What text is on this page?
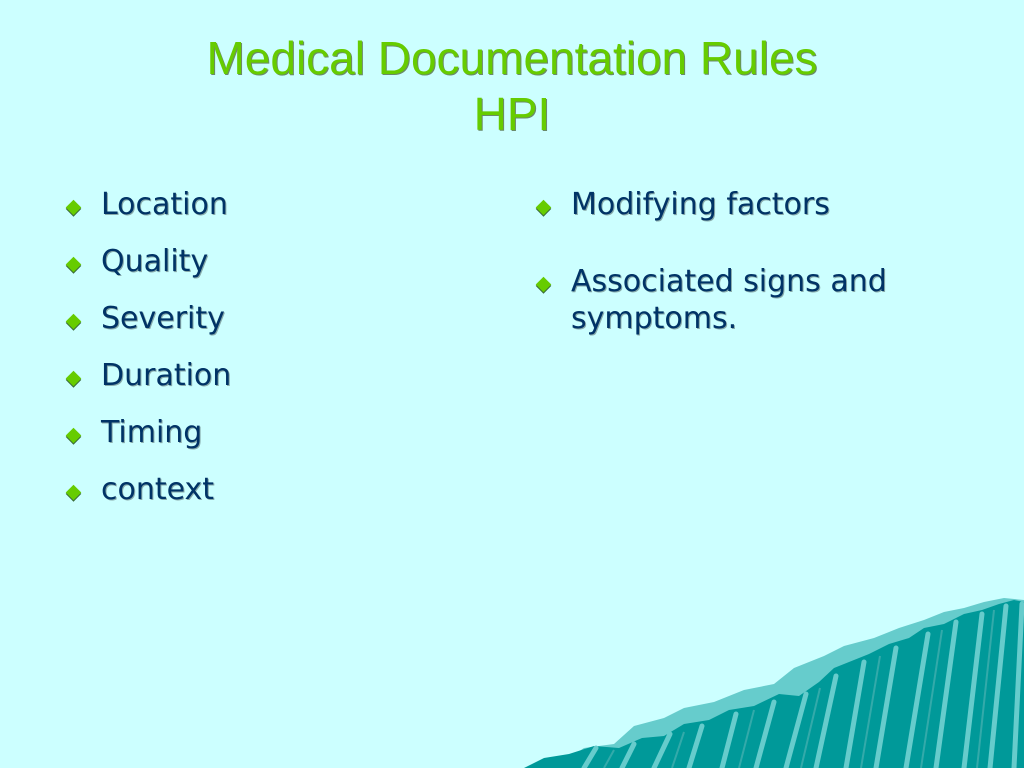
Medical Documentation Rules
HPI
Location
Quality
Severity
Duration
Timing
context
Modifying factors
Associated signs and symptoms.
